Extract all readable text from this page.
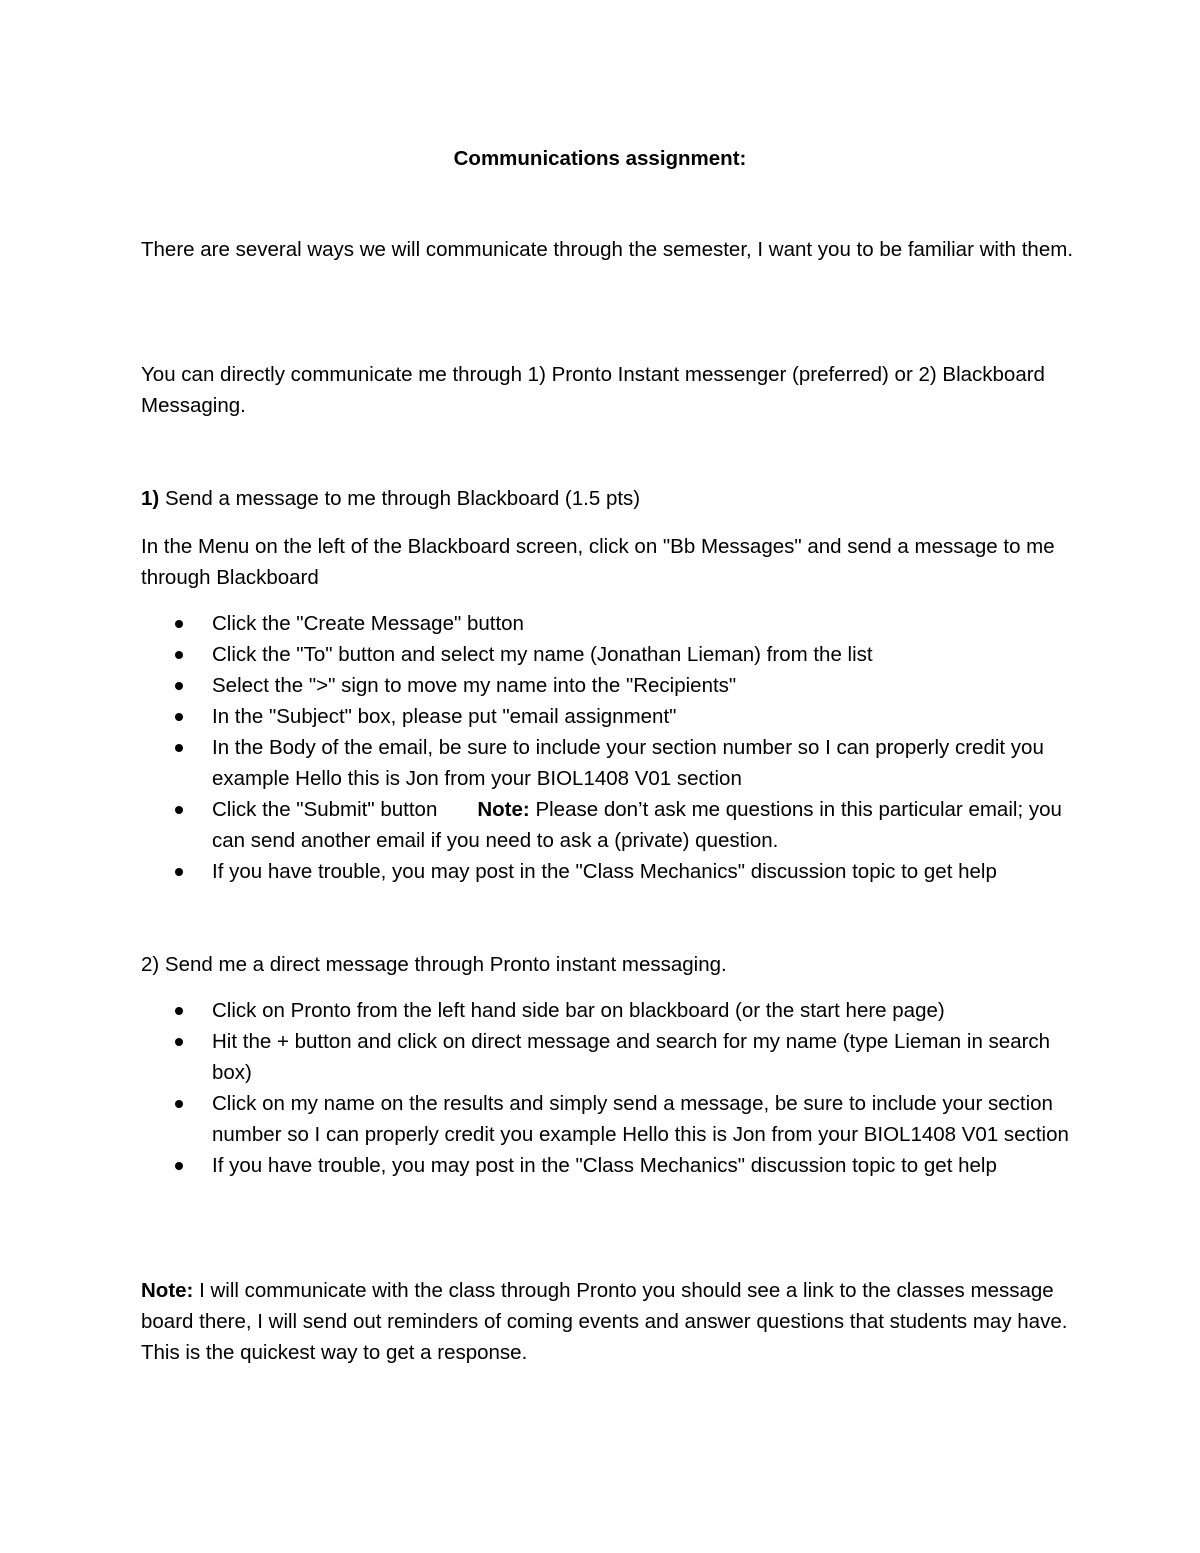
Communications assignment:

There are several ways we will communicate through the semester, I want you to be familiar with them.

You can directly communicate me through 1) Pronto Instant messenger (preferred) or 2) Blackboard Messaging.

1) Send a message to me through Blackboard (1.5 pts)

In the Menu on the left of the Blackboard screen, click on "Bb Messages" and send a message to me through Blackboard

Click the "Create Message" button
Click the "To" button and select my name (Jonathan Lieman) from the list
Select the ">" sign to move my name into the "Recipients"
In the "Subject" box, please put "email assignment"
In the Body of the email, be sure to include your section number so I can properly credit you example Hello this is Jon from your BIOL1408 V01 section
Click the "Submit" button Note: Please don’t ask me questions in this particular email; you can send another email if you need to ask a (private) question.
If you have trouble, you may post in the "Class Mechanics" discussion topic to get help

2) Send me a direct message through Pronto instant messaging.

Click on Pronto from the left hand side bar on blackboard (or the start here page)
Hit the + button and click on direct message and search for my name (type Lieman in search box)
Click on my name on the results and simply send a message, be sure to include your section number so I can properly credit you example Hello this is Jon from your BIOL1408 V01 section
If you have trouble, you may post in the "Class Mechanics" discussion topic to get help

Note: I will communicate with the class through Pronto you should see a link to the classes message board there, I will send out reminders of coming events and answer questions that students may have. This is the quickest way to get a response.
